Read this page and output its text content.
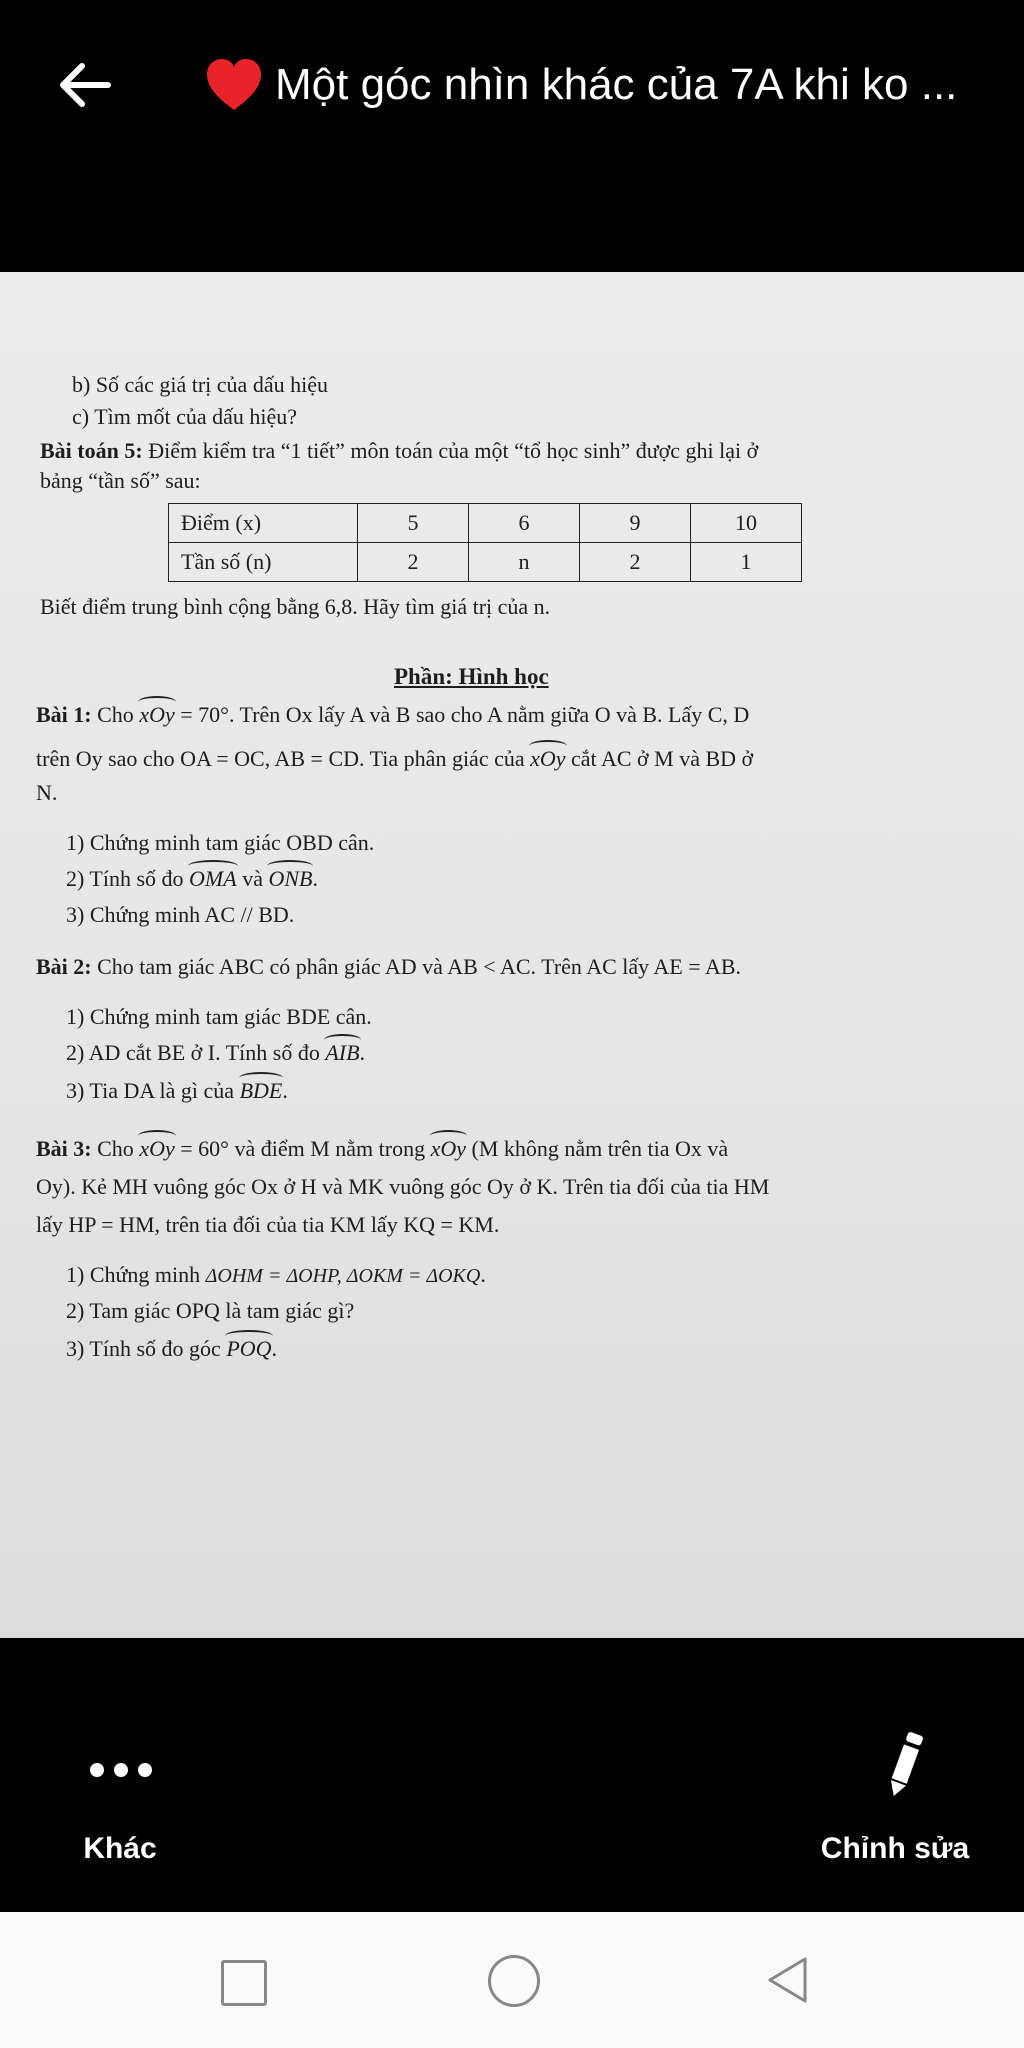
Một góc nhìn khác của 7A khi ko ...
b) Số các giá trị của dấu hiệu
c) Tìm mốt của dấu hiệu?
Bài toán 5: Điểm kiểm tra “1 tiết” môn toán của một “tổ học sinh” được ghi lại ở
bảng “tần số” sau:
Điểm (x)	5	6	9	10
Tần số (n)	2	n	2	1
Biết điểm trung bình cộng bằng 6,8. Hãy tìm giá trị của n.
Phần: Hình học
Bài 1: Cho xOy = 70°. Trên Ox lấy A và B sao cho A nằm giữa O và B. Lấy C, D
trên Oy sao cho OA = OC, AB = CD. Tia phân giác của xOy cắt AC ở M và BD ở
N.
1) Chứng minh tam giác OBD cân.
2) Tính số đo OMA và ONB.
3) Chứng minh AC // BD.
Bài 2: Cho tam giác ABC có phân giác AD và AB < AC. Trên AC lấy AE = AB.
1) Chứng minh tam giác BDE cân.
2) AD cắt BE ở I. Tính số đo AIB.
3) Tia DA là gì của BDE.
Bài 3: Cho xOy = 60° và điểm M nằm trong xOy (M không nằm trên tia Ox và
Oy). Kẻ MH vuông góc Ox ở H và MK vuông góc Oy ở K. Trên tia đối của tia HM
lấy HP = HM, trên tia đối của tia KM lấy KQ = KM.
1) Chứng minh ΔOHM = ΔOHP, ΔOKM = ΔOKQ.
2) Tam giác OPQ là tam giác gì?
3) Tính số đo góc POQ.
Khác	Chỉnh sửa
